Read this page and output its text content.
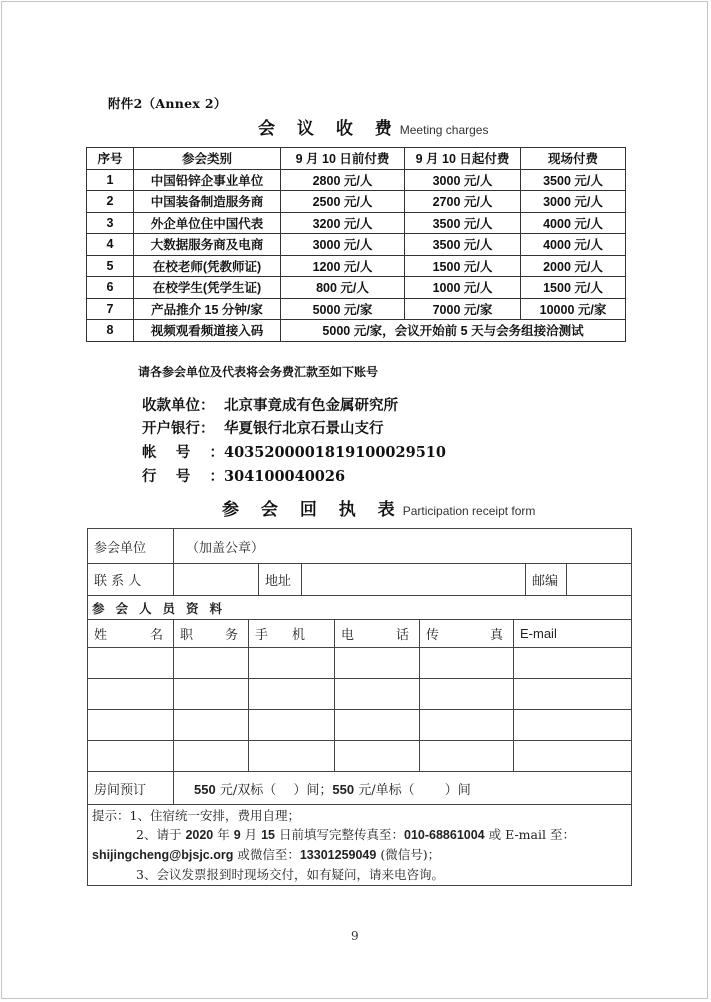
附件2（Annex 2）
会 议 收 费Meeting charges
序号	参会类别	9 月 10 日前付费	9 月 10 日起付费	现场付费
1	中国铅锌企事业单位	2800 元/人	3000 元/人	3500 元/人
2	中国装备制造服务商	2500 元/人	2700 元/人	3000 元/人
3	外企单位住中国代表	3200 元/人	3500 元/人	4000 元/人
4	大数据服务商及电商	3000 元/人	3500 元/人	4000 元/人
5	在校老师(凭教师证)	1200 元/人	1500 元/人	2000 元/人
6	在校学生(凭学生证)	800 元/人	1000 元/人	1500 元/人
7	产品推介 15 分钟/家	5000 元/家	7000 元/家	10000 元/家
8	视频观看频道接入码	5000 元/家，会议开始前 5 天与会务组接洽测试		
请各参会单位及代表将会务费汇款至如下账号
收款单位： 北京事竟成有色金属研究所
开户银行： 华夏银行北京石景山支行
帐号：4035200001819100029510
行号：304100040026
参 会 回 执 表Participation receipt form
参会单位	（加盖公章）								
联 系 人			地址					邮编	
参会人员资料									

姓 名	职 务	手 机			电 话	传 真	E-mail		

房间预订	550 元/双标（　 ）间；550 元/单标（　　 ）间								

提示：1、住宿统一安排，费用自理；
2、请于 2020 年 9 月 15 日前填写完整传真至：010-68861004 或 E-mail 至：
shijingcheng@bjsjc.org 或微信至：13301259049 (微信号)；
3、会议发票报到时现场交付，如有疑问，请来电咨询。									
9
